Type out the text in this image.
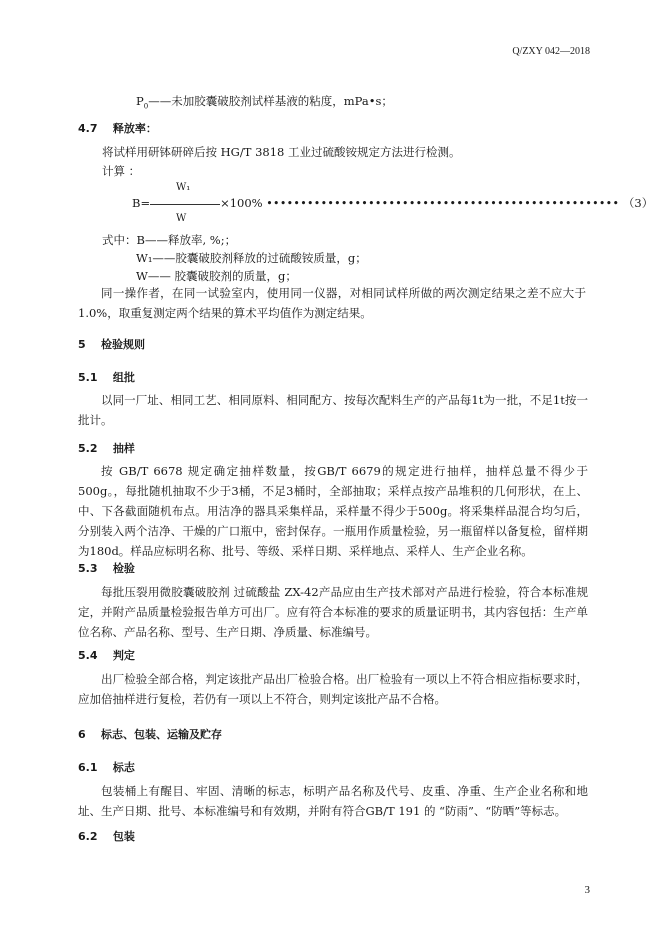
Q/ZXY 042—2018
$P_0——$未加胶囊破胶剂试样基液的粘度，mPa•s；
4.7 释放率：
将试样用研钵研碎后按 HG/T 3818 工业过硫酸铵规定方法进行检测。
计算 ：
W₁
B=	×100% •••••••••••••••••••••••••••••••••••••••••••••••••••• （3）
W
式中：B——释放率, %;；
W₁——胶囊破胶剂释放的过硫酸铵质量，g；
W—— 胶囊破胶剂的质量，g；
同一操作者，在同一试验室内，使用同一仪器，对相同试样所做的两次测定结果之差不应大于1.0%，取重复测定两个结果的算术平均值作为测定结果。
5 检验规则
5.1 组批
以同一厂址、相同工艺、相同原料、相同配方、按每次配料生产的产品每1t为一批，不足1t按一批计。
5.2 抽样
按 GB/T 6678 规定确定抽样数量，按GB/T 6679的规定进行抽样，抽样总量不得少于500g。，每批随机抽取不少于3桶，不足3桶时，全部抽取；采样点按产品堆积的几何形状，在上、中、下各截面随机布点。用洁净的器具采集样品，采样量不得少于500g。将采集样品混合均匀后，分别装入两个洁净、干燥的广口瓶中，密封保存。一瓶用作质量检验，另一瓶留样以备复检，留样期为180d。样品应标明名称、批号、等级、采样日期、采样地点、采样人、生产企业名称。
5.3 检验
每批压裂用微胶囊破胶剂 过硫酸盐 ZX-42产品应由生产技术部对产品进行检验，符合本标准规定，并附产品质量检验报告单方可出厂。应有符合本标准的要求的质量证明书，其内容包括：生产单位名称、产品名称、型号、生产日期、净质量、标准编号。
5.4 判定
出厂检验全部合格，判定该批产品出厂检验合格。出厂检验有一项以上不符合相应指标要求时，应加倍抽样进行复检，若仍有一项以上不符合，则判定该批产品不合格。
6 标志、包装、运输及贮存
6.1 标志
包装桶上有醒目、牢固、清晰的标志，标明产品名称及代号、皮重、净重、生产企业名称和地址、生产日期、批号、本标准编号和有效期，并附有符合GB/T 191 的 “防雨”、“防晒”等标志。
6.2 包装
3
